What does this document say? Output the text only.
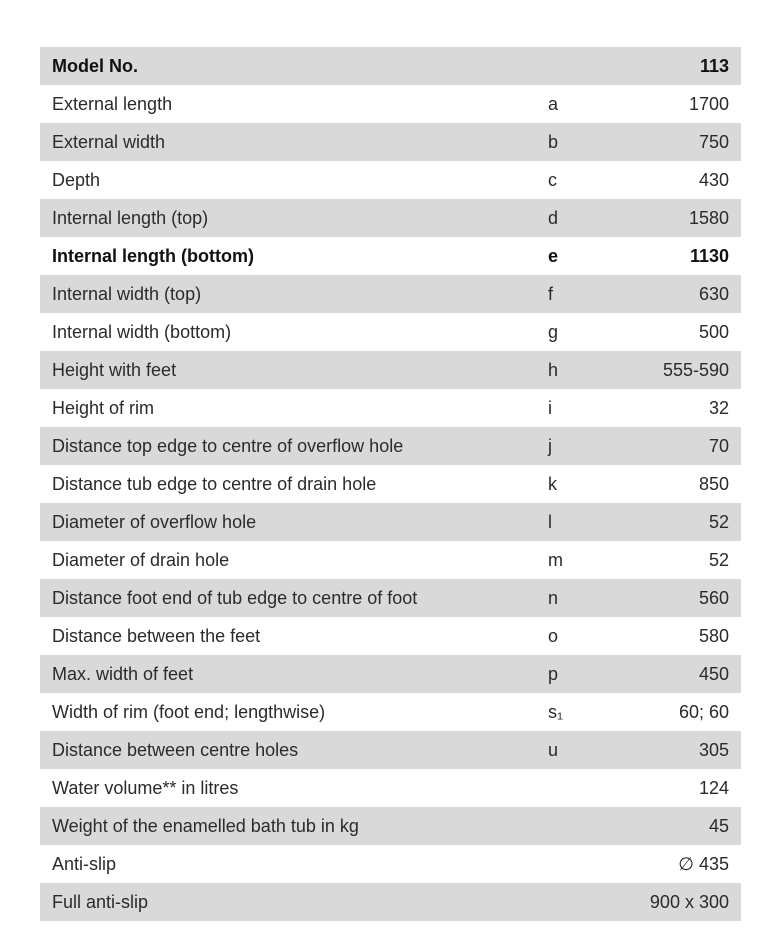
Model No.	113
External length	a	1700
External width	b	750
Depth	c	430
Internal length (top)	d	1580
Internal length (bottom)	e	1130
Internal width (top)	f	630
Internal width (bottom)	g	500
Height with feet	h	555-590
Height of rim	i	32
Distance top edge to centre of overflow hole	j	70
Distance tub edge to centre of drain hole	k	850
Diameter of overflow hole	l	52
Diameter of drain hole	m	52
Distance foot end of tub edge to centre of foot	n	560
Distance between the feet	o	580
Max. width of feet	p	450
Width of rim (foot end; lengthwise)	s₁	60; 60
Distance between centre holes	u	305
Water volume** in litres	124
Weight of the enamelled bath tub in kg	45
Anti-slip	∅ 435
Full anti-slip	900 x 300
